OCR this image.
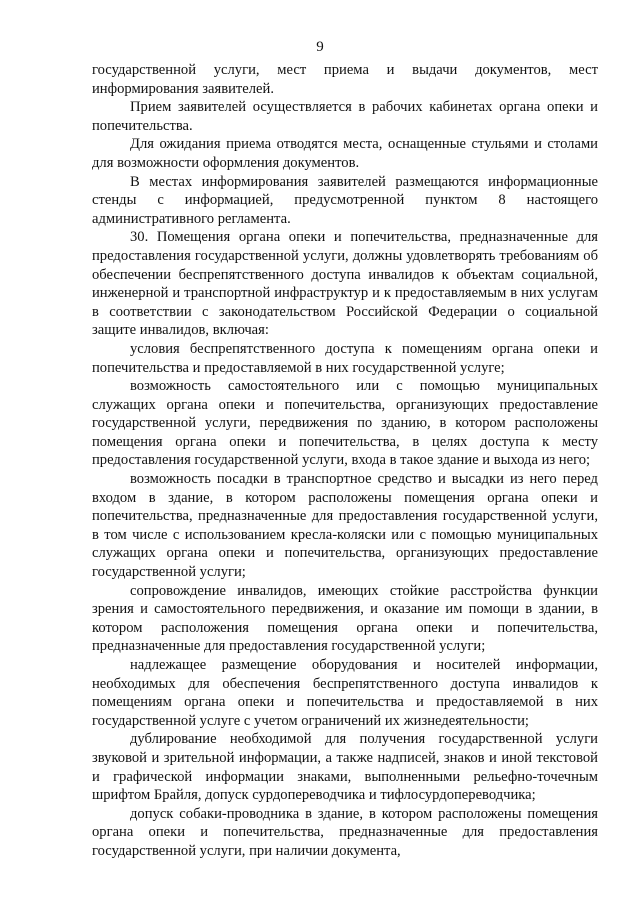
9

государственной услуги, мест приема и выдачи документов, мест информирования заявителей.

Прием заявителей осуществляется в рабочих кабинетах органа опеки и попечительства.

Для ожидания приема отводятся места, оснащенные стульями и столами для возможности оформления документов.

В местах информирования заявителей размещаются информационные стенды с информацией, предусмотренной пунктом 8 настоящего административного регламента.

30. Помещения органа опеки и попечительства, предназначенные для предоставления государственной услуги, должны удовлетворять требованиям об обеспечении беспрепятственного доступа инвалидов к объектам социальной, инженерной и транспортной инфраструктур и к предоставляемым в них услугам в соответствии с законодательством Российской Федерации о социальной защите инвалидов, включая:

условия беспрепятственного доступа к помещениям органа опеки и попечительства и предоставляемой в них государственной услуге;

возможность самостоятельного или с помощью муниципальных служащих органа опеки и попечительства, организующих предоставление государственной услуги, передвижения по зданию, в котором расположены помещения органа опеки и попечительства, в целях доступа к месту предоставления государственной услуги, входа в такое здание и выхода из него;

возможность посадки в транспортное средство и высадки из него перед входом в здание, в котором расположены помещения органа опеки и попечительства, предназначенные для предоставления государственной услуги, в том числе с использованием кресла-коляски или с помощью муниципальных служащих органа опеки и попечительства, организующих предоставление государственной услуги;

сопровождение инвалидов, имеющих стойкие расстройства функции зрения и самостоятельного передвижения, и оказание им помощи в здании, в котором расположения помещения органа опеки и попечительства, предназначенные для предоставления государственной услуги;

надлежащее размещение оборудования и носителей информации, необходимых для обеспечения беспрепятственного доступа инвалидов к помещениям органа опеки и попечительства и предоставляемой в них государственной услуге с учетом ограничений их жизнедеятельности;

дублирование необходимой для получения государственной услуги звуковой и зрительной информации, а также надписей, знаков и иной текстовой и графической информации знаками, выполненными рельефно-точечным шрифтом Брайля, допуск сурдопереводчика и тифлосурдопереводчика;

допуск собаки-проводника в здание, в котором расположены помещения органа опеки и попечительства, предназначенные для предоставления государственной услуги, при наличии документа,
